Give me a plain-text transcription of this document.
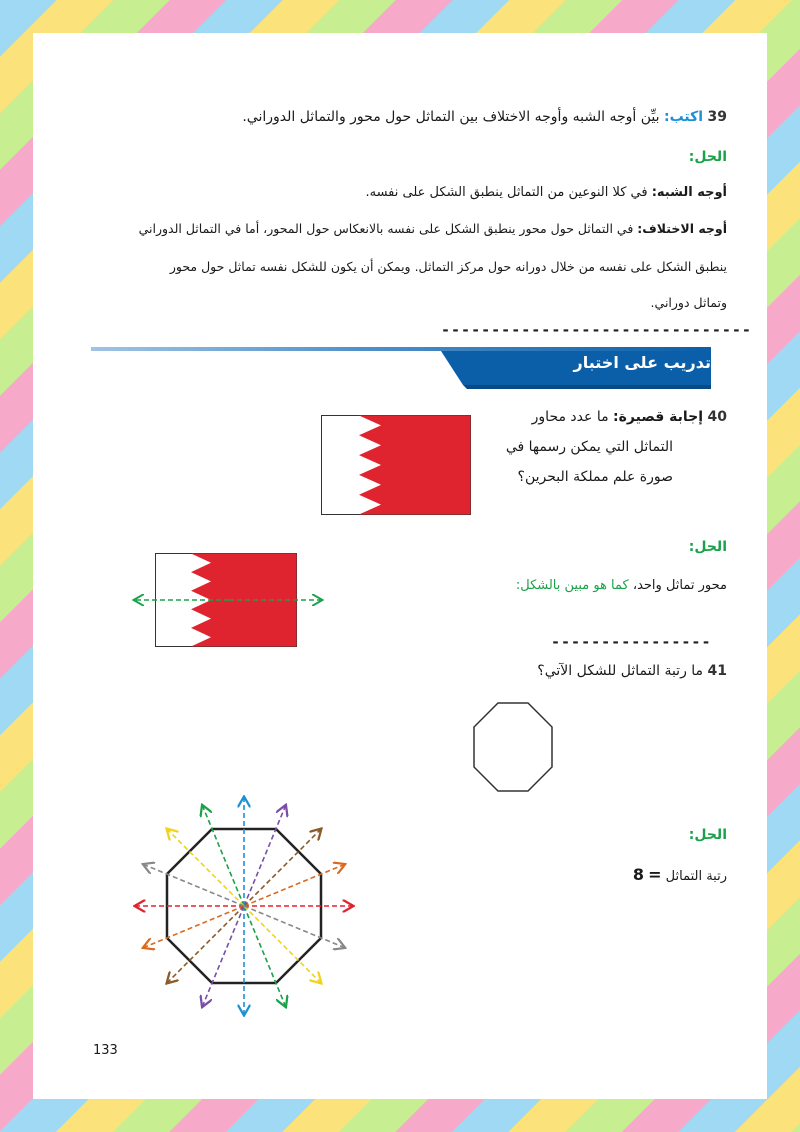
39 اكتب: بيِّن أوجه الشبه وأوجه الاختلاف بين التماثل حول محور والتماثل الدوراني.
الحل:
أوجه الشبه: في كلا النوعين من التماثل ينطبق الشكل على نفسه.
أوجه الاختلاف: في التماثل حول محور ينطبق الشكل على نفسه بالانعكاس حول المحور، أما في التماثل الدوراني
ينطبق الشكل على نفسه من خلال دورانه حول مركز التماثل. ويمكن أن يكون للشكل نفسه تماثل حول محور
وتماثل دوراني.
-------------------------------
تدريب على اختبار
40 إجابة قصيرة: ما عدد محاور
التماثل التي يمكن رسمها في
صورة علم مملكة البحرين؟
الحل:
محور تماثل واحد، كما هو مبين بالشكل:
----------------
41 ما رتبة التماثل للشكل الآتي؟
الحل:
رتبة التماثل = 8
133
